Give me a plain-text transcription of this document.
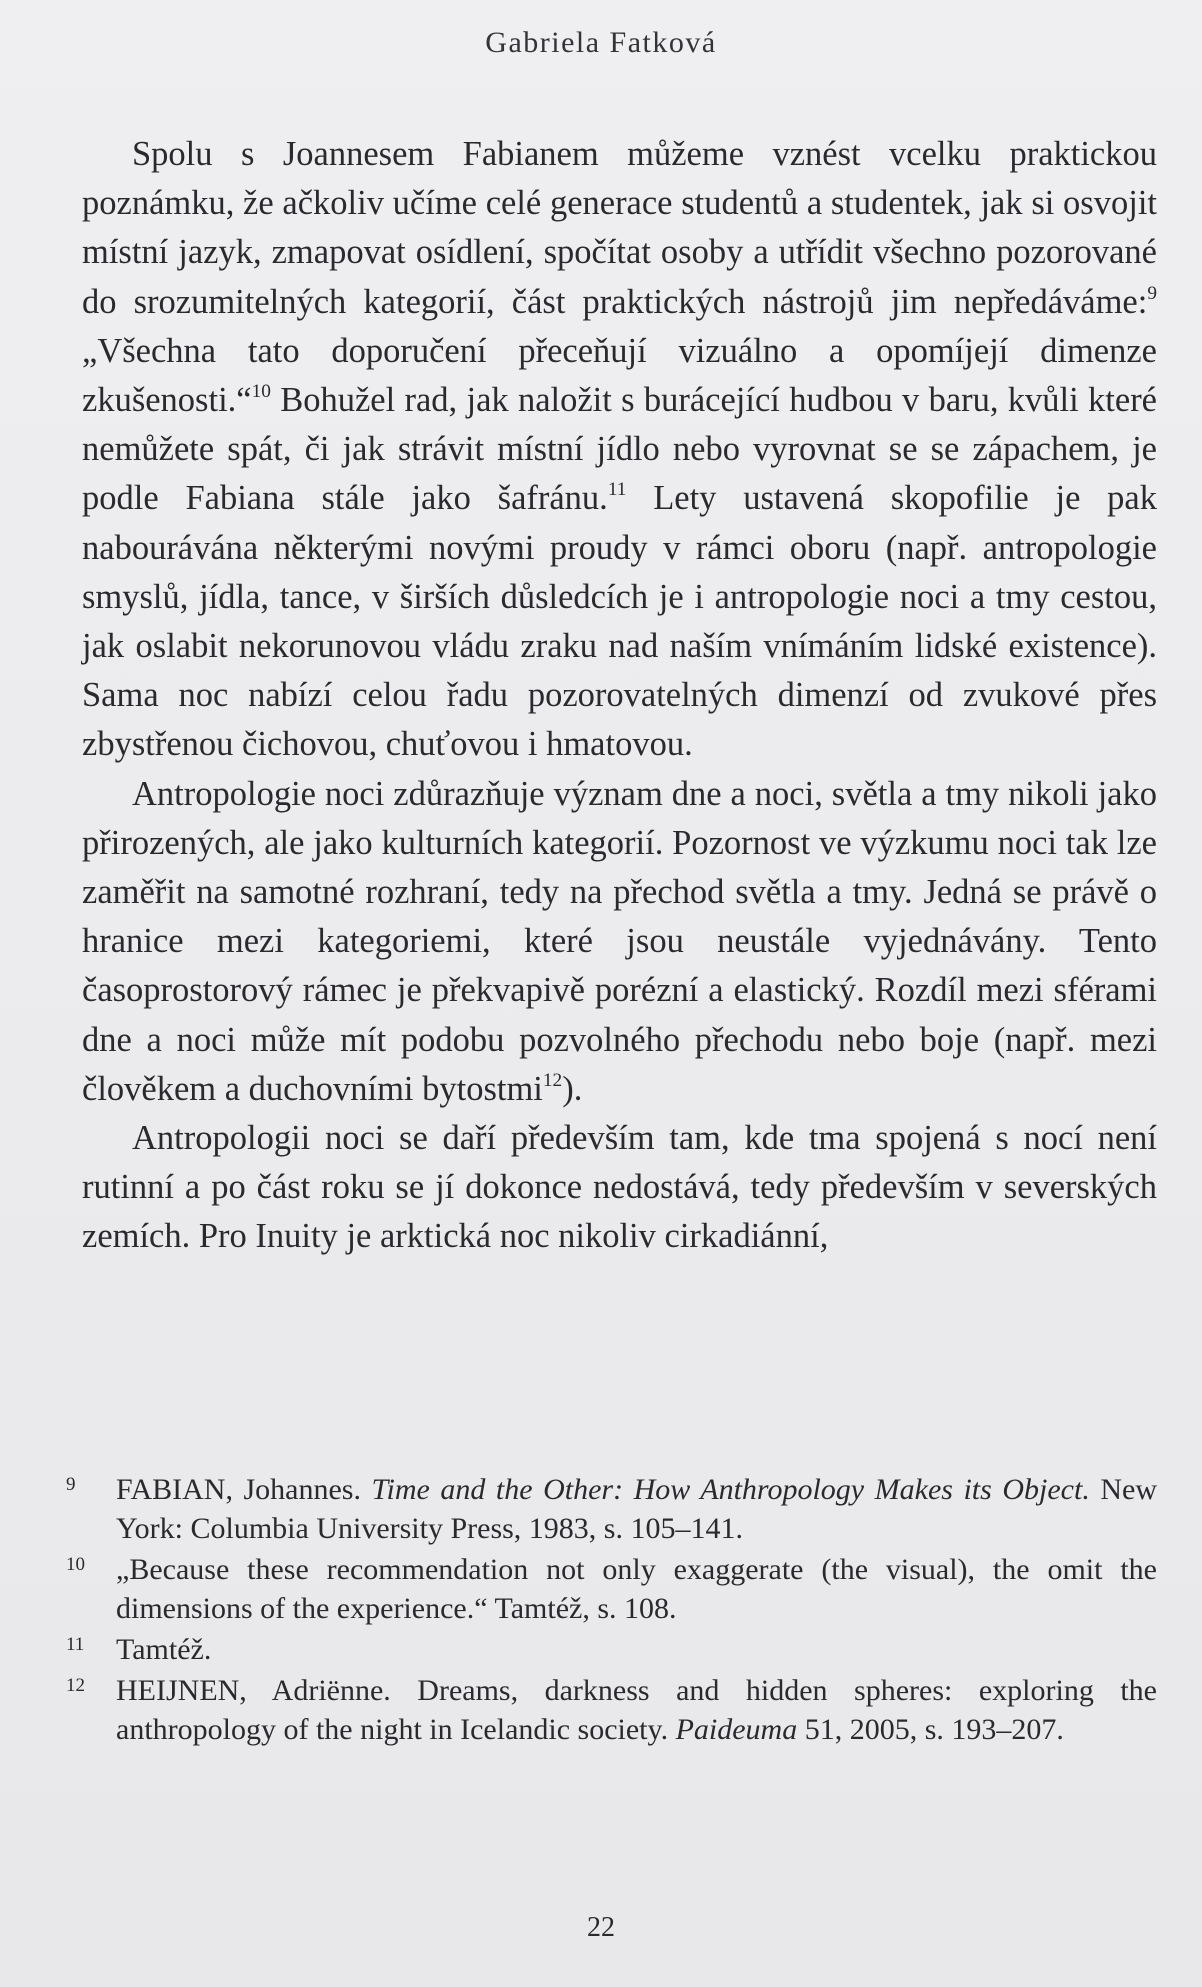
Gabriela Fatková

Spolu s Joannesem Fabianem můžeme vznést vcelku praktickou poznámku, že ačkoliv učíme celé generace studentů a studentek, jak si osvojit místní jazyk, zmapovat osídlení, spočítat osoby a utřídit všechno pozorované do srozumitelných kategorií, část praktických nástrojů jim nepředáváme:$^9$ „Všechna tato doporučení přeceňují vizuálno a opomíjejí dimenze zkušenosti.“$^{10}$ Bohužel rad, jak naložit s burácející hudbou v baru, kvůli které nemůžete spát, či jak strávit místní jídlo nebo vyrovnat se se zápachem, je podle Fabiana stále jako šafránu.$^{11}$ Lety ustavená skopofilie je pak nabourávána některými novými proudy v rámci oboru (např. antropologie smyslů, jídla, tance, v širších důsledcích je i antropologie noci a tmy cestou, jak oslabit nekorunovou vládu zraku nad naším vnímáním lidské existence). Sama noc nabízí celou řadu pozorovatelných dimenzí od zvukové přes zbystřenou čichovou, chuťovou i hmatovou.

Antropologie noci zdůrazňuje význam dne a noci, světla a tmy nikoli jako přirozených, ale jako kulturních kategorií. Pozornost ve výzkumu noci tak lze zaměřit na samotné rozhraní, tedy na přechod světla a tmy. Jedná se právě o hranice mezi kategoriemi, které jsou neustále vyjednávány. Tento časoprostorový rámec je překvapivě porézní a elastický. Rozdíl mezi sférami dne a noci může mít podobu pozvolného přechodu nebo boje (např. mezi člověkem a duchovními bytostmi$^{12}$).

Antropologii noci se daří především tam, kde tma spojená s nocí není rutinní a po část roku se jí dokonce nedostává, tedy především v severských zemích. Pro Inuity je arktická noc nikoliv cirkadiánní,

9 FABIAN, Johannes. Time and the Other: How Anthropology Makes its Object. New York: Columbia University Press, 1983, s. 105–141.
10 „Because these recommendation not only exaggerate (the visual), the omit the dimensions of the experience.“ Tamtéž, s. 108.
11 Tamtéž.
12 HEIJNEN, Adriënne. Dreams, darkness and hidden spheres: exploring the anthropology of the night in Icelandic society. Paideuma 51, 2005, s. 193–207.
22
